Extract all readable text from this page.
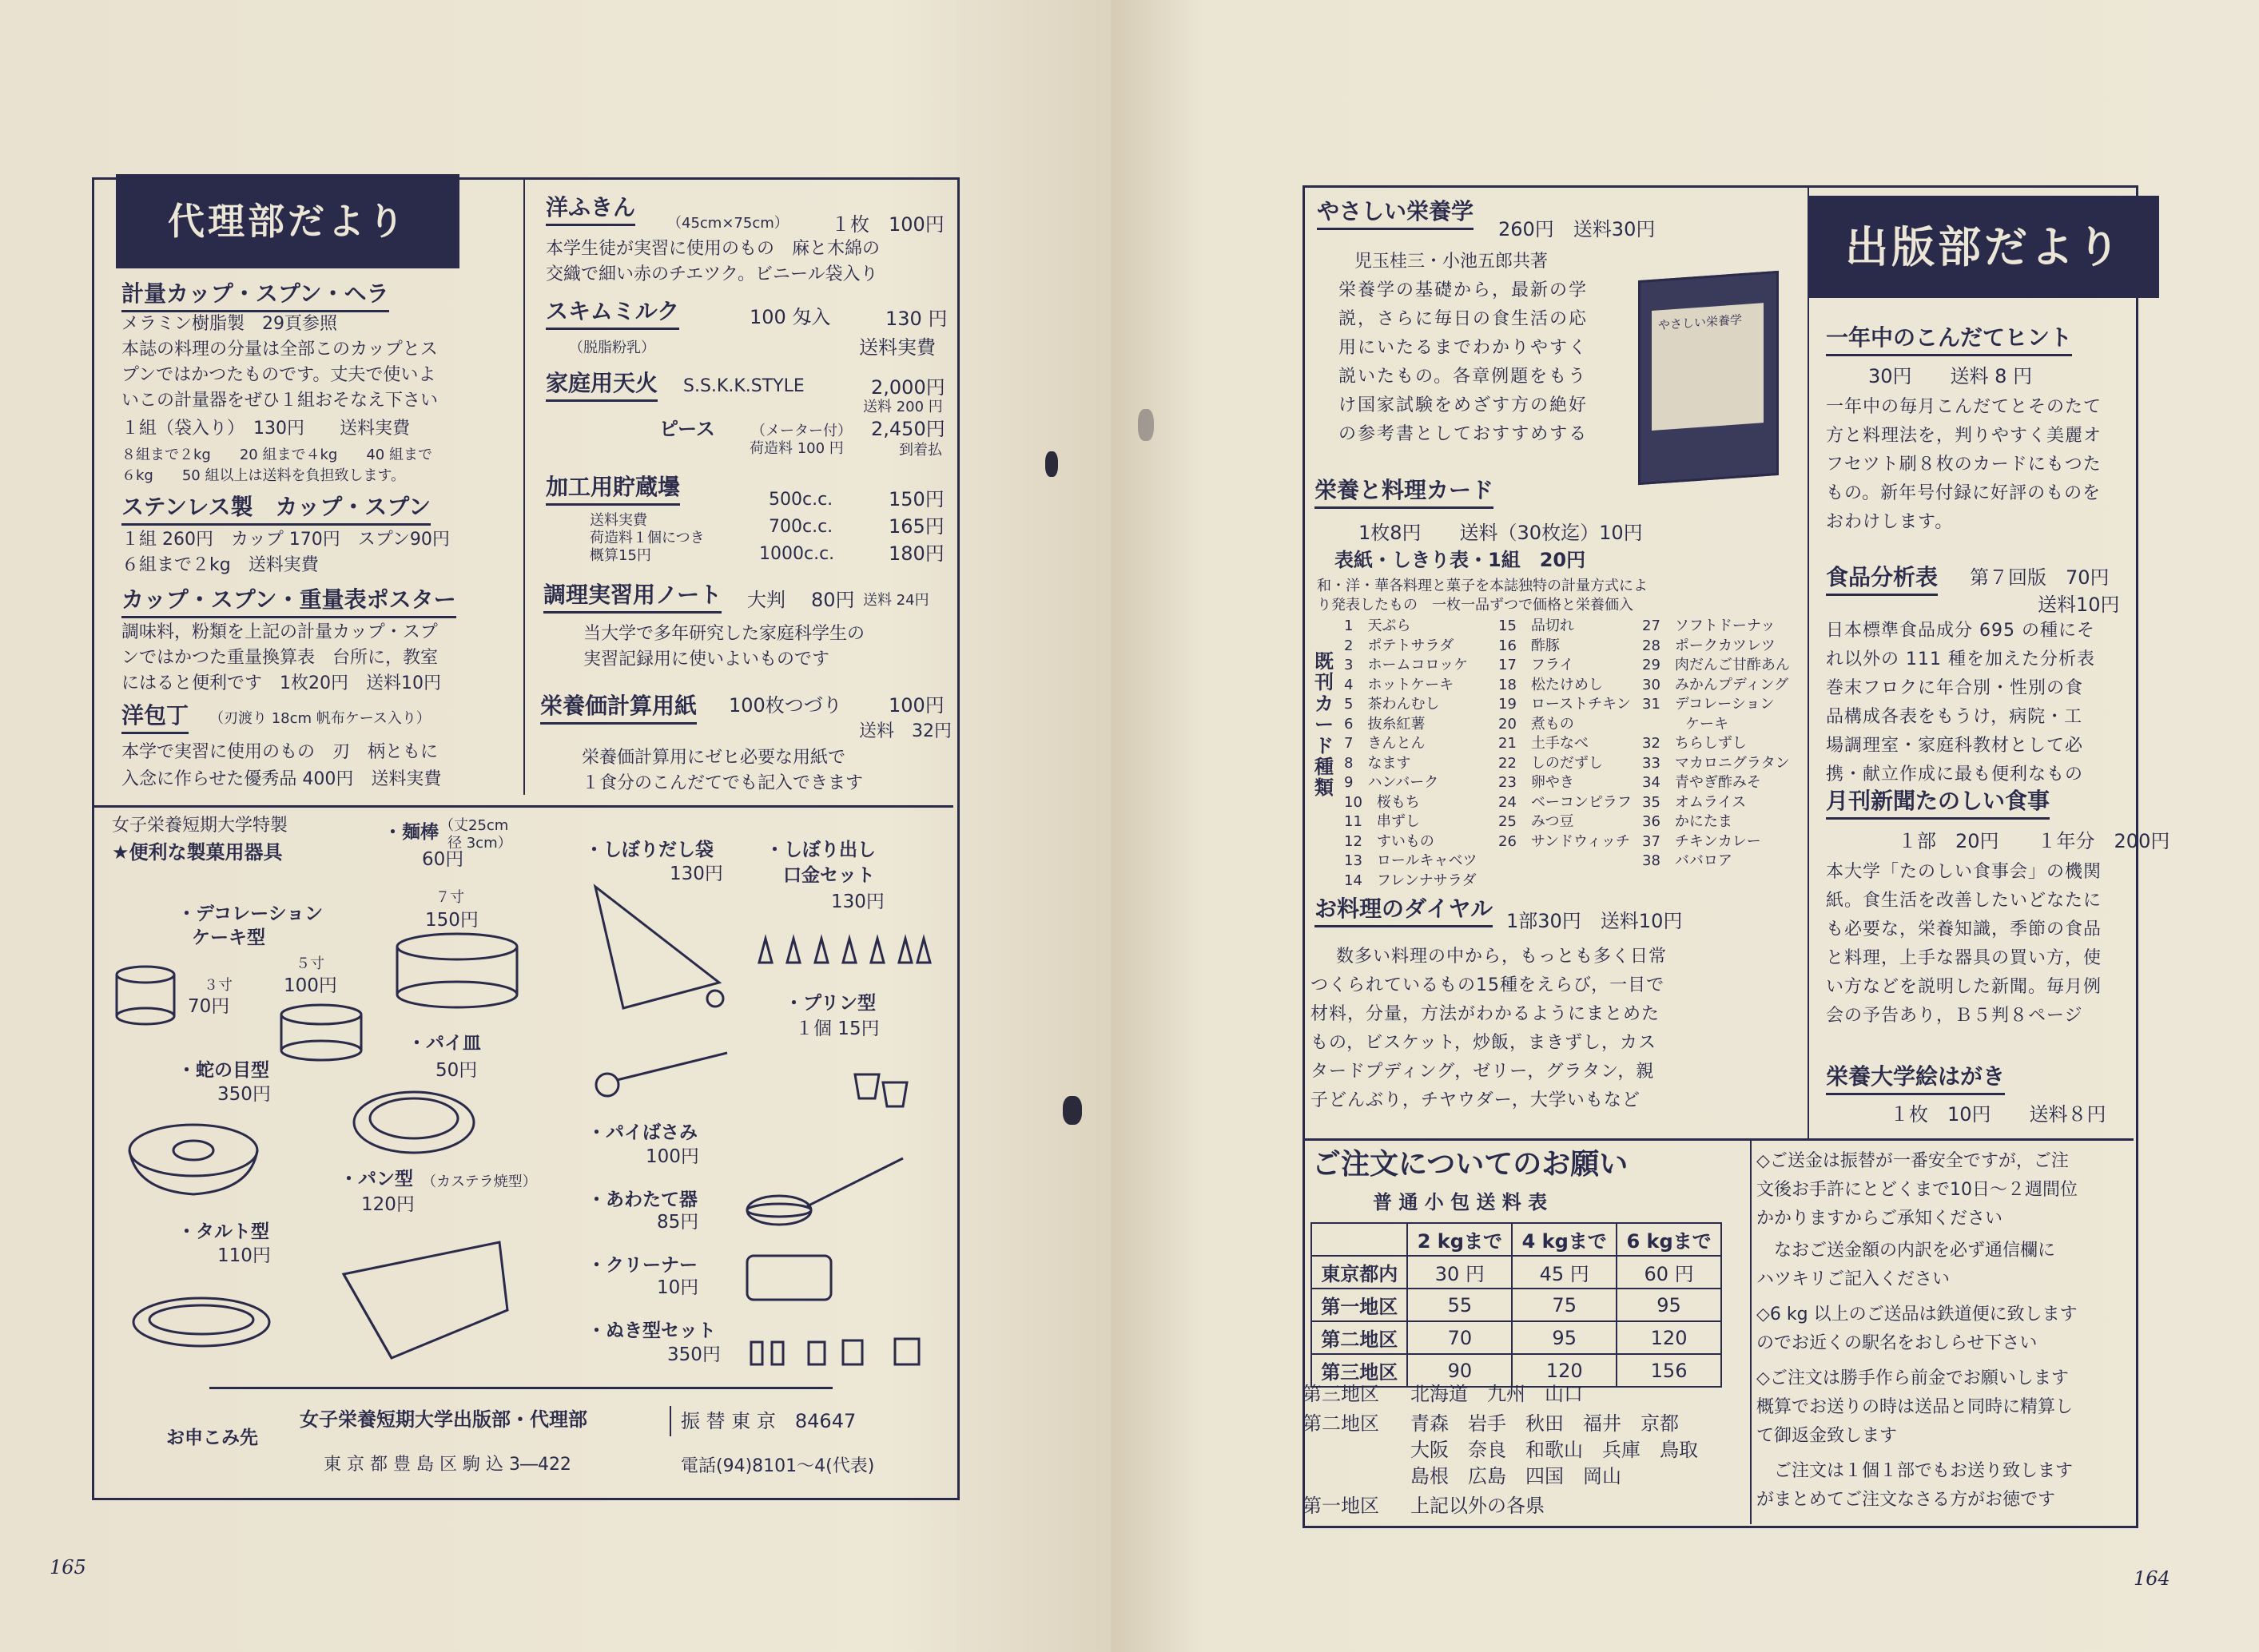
代理部だより
計量カップ・スプン・ヘラ
メラミン樹脂製　29頁参照
本誌の料理の分量は全部このカップとス
プンではかつたものです。丈夫で使いよ
いこの計量器をぜひ１組おそなえ下さい
１組（袋入り）　130円　　送料実費
８組まで２kg　　20 組まで４kg　　40 組まで
６kg　　50 組以上は送料を負担致します。
ステンレス製　カップ・スプン
１組 260円　カップ 170円　スプン90円
６組まで２kg　送料実費
カップ・スプン・重量表ポスター
調味料，粉類を上記の計量カップ・スプ
ンではかつた重量換算表　台所に，教室
にはると便利です　1枚20円　送料10円
洋包丁 （刃渡り 18cm 帆布ケース入り）
本学で実習に使用のもの　刃　柄ともに
入念に作らせた優秀品 400円　送料実費
洋ふきん
（45cm×75cm） １枚　100円
本学生徒が実習に使用のもの　麻と木綿の
交織で細い赤のチエツク。ビニール袋入り
スキムミルク	100 匁入	130 円
（脱脂粉乳）	送料実費
家庭用天火 S.S.K.K.STYLE	2,000円
送料 200 円
ピース	（メーター付）
荷造料 100 円
2,450円
到着払
加工用貯蔵壜
送料実費
荷造料１個につき
概算15円
500c.c.	150円
700c.c.	165円
1000c.c.	180円
調理実習用ノート 大判 80円 送料 24円
当大学で多年研究した家庭科学生の
実習記録用に使いよいものです
栄養価計算用紙 100枚つづり 100円
送料　32円
栄養価計算用にゼヒ必要な用紙で
１食分のこんだてでも記入できます
女子栄養短期大学特製
★便利な製菓用器具
・麺棒 （丈25cm
径 3cm）
60円
・デコレーション
ケーキ型
７寸
150円
５寸
100円
３寸
70円
・パイ皿
50円
・蛇の目型
350円
・パン型 （カステラ焼型）
120円
・タルト型
110円
・しぼりだし袋
130円
・しぼり出し
口金セット
130円
・プリン型
１個 15円
・パイばさみ
100円
・あわたて器
85円
・クリーナー
10円
・ぬき型セット
350円
お申こみ先
女子栄養短期大学出版部・代理部	振 替 東 京　84647
東 京 都 豊 島 区 駒 込 3―422	電話(94)8101～4(代表)
165
出版部だより
やさしい栄養学
260円　送料30円
児玉桂三・小池五郎共著
栄養学の基礎から，最新の学
説，さらに毎日の食生活の応
用にいたるまでわかりやすく
説いたもの。各章例題をもう
け国家試験をめざす方の絶好
の参考書としておすすめする
やさしい栄養学
栄養と料理カード
1枚8円　　送料（30枚迄）10円
表紙・しきり表・1組　20円
和・洋・華各料理と菓子を本誌独特の計量方式によ
り発表したもの　一枚一品ずつで価格と栄養価入
既刊カード種類
1　天ぷら
2　ポテトサラダ
3　ホームコロッケ
4　ホットケーキ
5　茶わんむし
6　抜糸紅薯
7　きんとん
8　なます
9　ハンバーク
10　桜もち
11　串ずし
12　すいもの
13　ロールキャベツ
14　フレンナサラダ
15　品切れ
16　酢豚
17　フライ
18　松たけめし
19　ローストチキン
20　煮もの
21　土手なべ
22　しのだずし
23　卵やき
24　ベーコンピラフ
25　みつ豆
26　サンドウィッチ
27　ソフトドーナッ
28　ポークカツレツ
29　肉だんご甘酢あん
30　みかんプディング
31　デコレーション
　　　ケーキ
32　ちらしずし
33　マカロニグラタン
34　青やぎ酢みそ
35　オムライス
36　かにたま
37　チキンカレー
38　ババロア
お料理のダイヤル 1部30円　送料10円
数多い料理の中から，もっとも多く日常
つくられているもの15種をえらび，一目で
材料，分量，方法がわかるようにまとめた
もの，ビスケット，炒飯，まきずし，カス
タードプディング，ゼリー，グラタン，親
子どんぶり，チヤウダー，大学いもなど
一年中のこんだてヒント
30円　　送料 8 円
一年中の毎月こんだてとそのたて
方と料理法を，判りやすく美麗オ
フセツト刷８枚のカードにもつた
もの。新年号付録に好評のものを
おわけします。
食品分析表 第７回版　70円
送料10円
日本標準食品成分 695 の種にそ
れ以外の 111 種を加えた分析表
巻末フロクに年合別・性別の食
品構成各表をもうけ，病院・工
場調理室・家庭科教材として必
携・献立作成に最も便利なもの
月刊新聞たのしい食事
１部　20円　　１年分　200円
本大学「たのしい食事会」の機関
紙。食生活を改善したいどなたに
も必要な，栄養知識，季節の食品
と料理，上手な器具の買い方，使
い方などを説明した新聞。毎月例
会の予告あり，Ｂ５判８ページ
栄養大学絵はがき
１枚　10円　　送料８円
ご注文についてのお願い
普 通 小 包 送 料 表
	2 kgまで	4 kgまで	6 kgまで
東京都内	30 円	45 円	60 円
第一地区	55	75	95
第二地区	70	95	120
第三地区	90	120	156
第三地区 北海道　九州　山口
第二地区 青森　岩手　秋田　福井　京都
大阪　奈良　和歌山　兵庫　鳥取
島根　広島　四国　岡山
第一地区 上記以外の各県
◇ご送金は振替が一番安全ですが，ご注
文後お手許にとどくまで10日～２週間位
かかりますからご承知ください
　なおご送金額の内訳を必ず通信欄に
ハツキリご記入ください
◇6 kg 以上のご送品は鉄道便に致します
のでお近くの駅名をおしらせ下さい
◇ご注文は勝手作ら前金でお願いします
概算でお送りの時は送品と同時に精算し
て御返金致します
　ご注文は１個１部でもお送り致します
がまとめてご注文なさる方がお徳です
164
